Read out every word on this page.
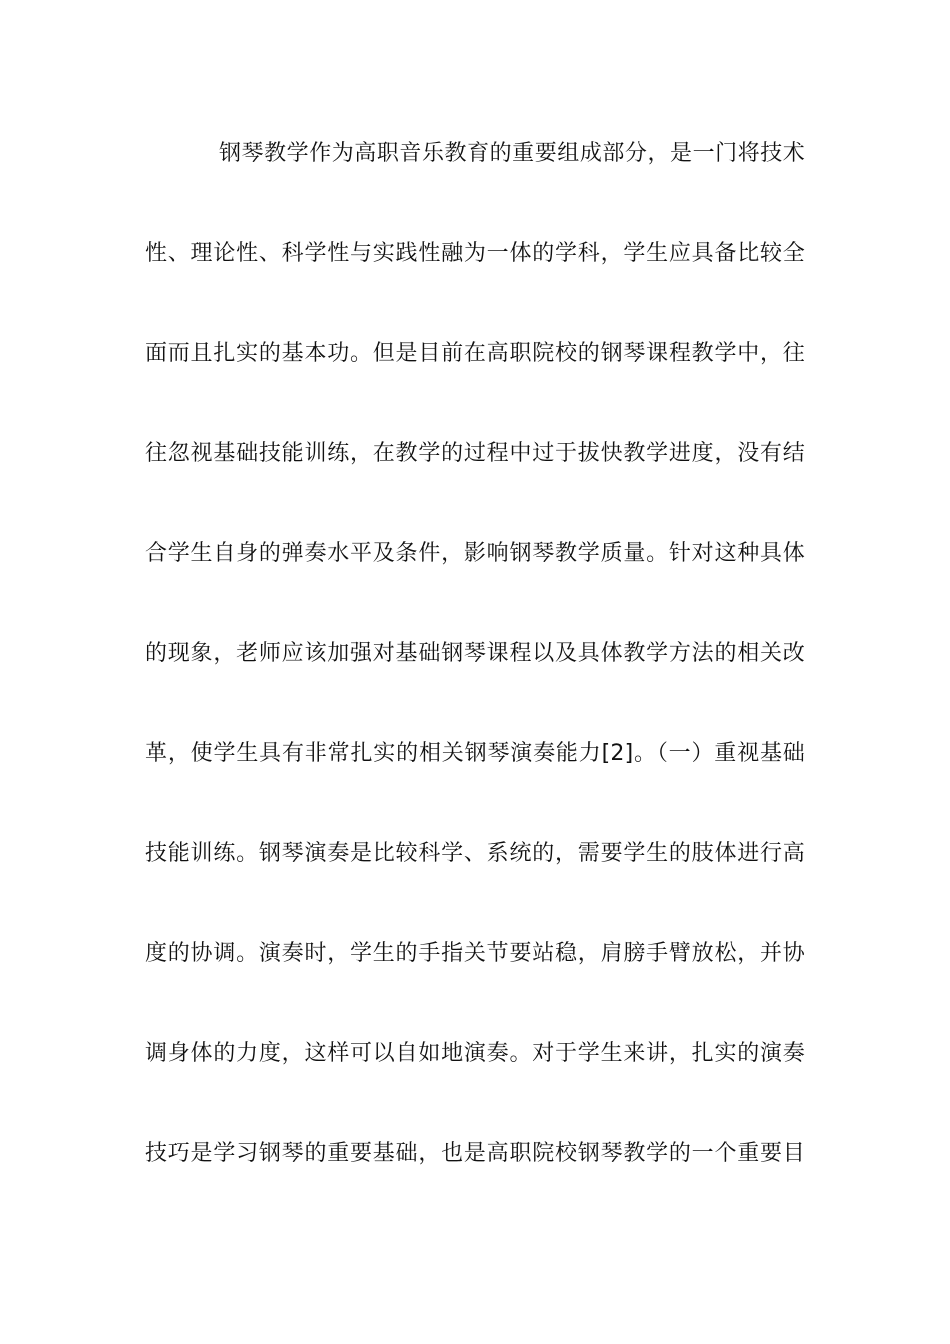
钢琴教学作为高职音乐教育的重要组成部分，是一门将技术
性、理论性、科学性与实践性融为一体的学科，学生应具备比较全
面而且扎实的基本功。但是目前在高职院校的钢琴课程教学中，往
往忽视基础技能训练，在教学的过程中过于拔快教学进度，没有结
合学生自身的弹奏水平及条件，影响钢琴教学质量。针对这种具体
的现象，老师应该加强对基础钢琴课程以及具体教学方法的相关改
革，使学生具有非常扎实的相关钢琴演奏能力[2]。（一）重视基础
技能训练。钢琴演奏是比较科学、系统的，需要学生的肢体进行高
度的协调。演奏时，学生的手指关节要站稳，肩膀手臂放松，并协
调身体的力度，这样可以自如地演奏。对于学生来讲，扎实的演奏
技巧是学习钢琴的重要基础，也是高职院校钢琴教学的一个重要目
